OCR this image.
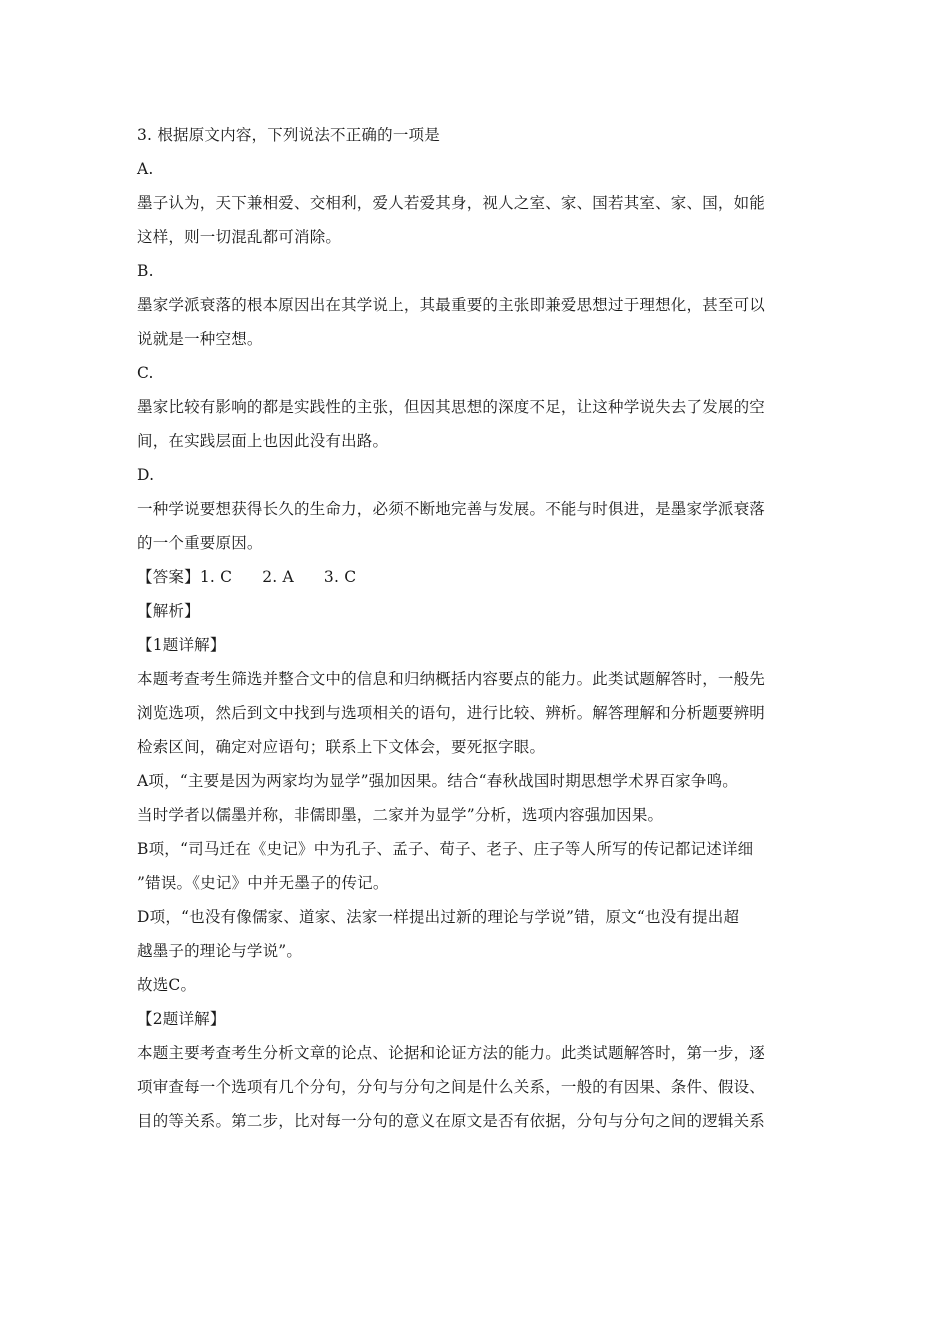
3. 根据原文内容，下列说法不正确的一项是
A.
墨子认为，天下兼相爱、交相利，爱人若爱其身，视人之室、家、国若其室、家、国，如能
这样，则一切混乱都可消除。
B.
墨家学派衰落的根本原因出在其学说上，其最重要的主张即兼爱思想过于理想化，甚至可以
说就是一种空想。
C.
墨家比较有影响的都是实践性的主张，但因其思想的深度不足，让这种学说失去了发展的空
间，在实践层面上也因此没有出路。
D.
一种学说要想获得长久的生命力，必须不断地完善与发展。不能与时俱进，是墨家学派衰落
的一个重要原因。
【答案】1. C 2. A 3. C
【解析】
【1题详解】
本题考查考生筛选并整合文中的信息和归纳概括内容要点的能力。此类试题解答时，一般先
浏览选项，然后到文中找到与选项相关的语句，进行比较、辨析。解答理解和分析题要辨明
检索区间，确定对应语句；联系上下文体会，要死抠字眼。
A项，“主要是因为两家均为显学”强加因果。结合“春秋战国时期思想学术界百家争鸣。
当时学者以儒墨并称，非儒即墨，二家并为显学”分析，选项内容强加因果。
B项，“司马迁在《史记》中为孔子、孟子、荀子、老子、庄子等人所写的传记都记述详细
”错误。《史记》中并无墨子的传记。
D项，“也没有像儒家、道家、法家一样提出过新的理论与学说”错，原文“也没有提出超
越墨子的理论与学说”。
故选C。
【2题详解】
本题主要考查考生分析文章的论点、论据和论证方法的能力。此类试题解答时，第一步，逐
项审查每一个选项有几个分句，分句与分句之间是什么关系，一般的有因果、条件、假设、
目的等关系。第二步，比对每一分句的意义在原文是否有依据，分句与分句之间的逻辑关系
